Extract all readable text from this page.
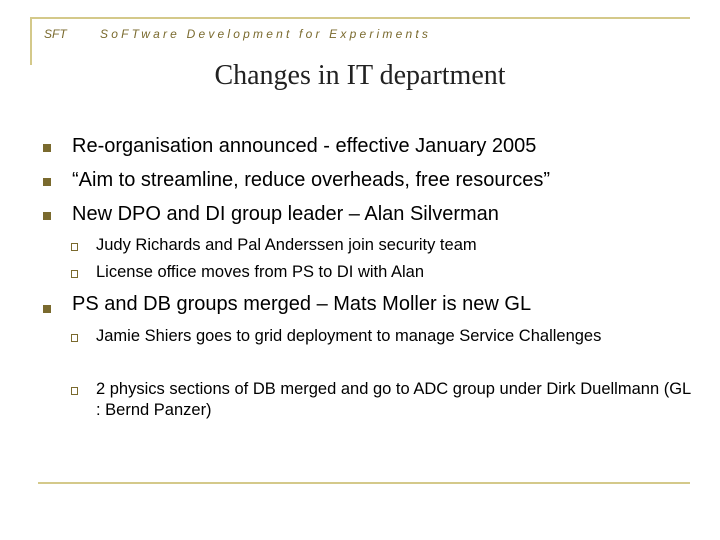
SFT	SoFTware Development for Experiments
Changes in IT department
Re-organisation announced - effective January 2005
“Aim to streamline, reduce overheads, free resources”
New DPO and DI group leader – Alan Silverman
Judy Richards and Pal Anderssen join security team
License office moves from PS to DI with Alan
PS and DB groups merged – Mats Moller is new GL
Jamie Shiers goes to grid deployment to manage Service Challenges
2 physics sections of DB merged and go to ADC group under Dirk Duellmann (GL : Bernd Panzer)
